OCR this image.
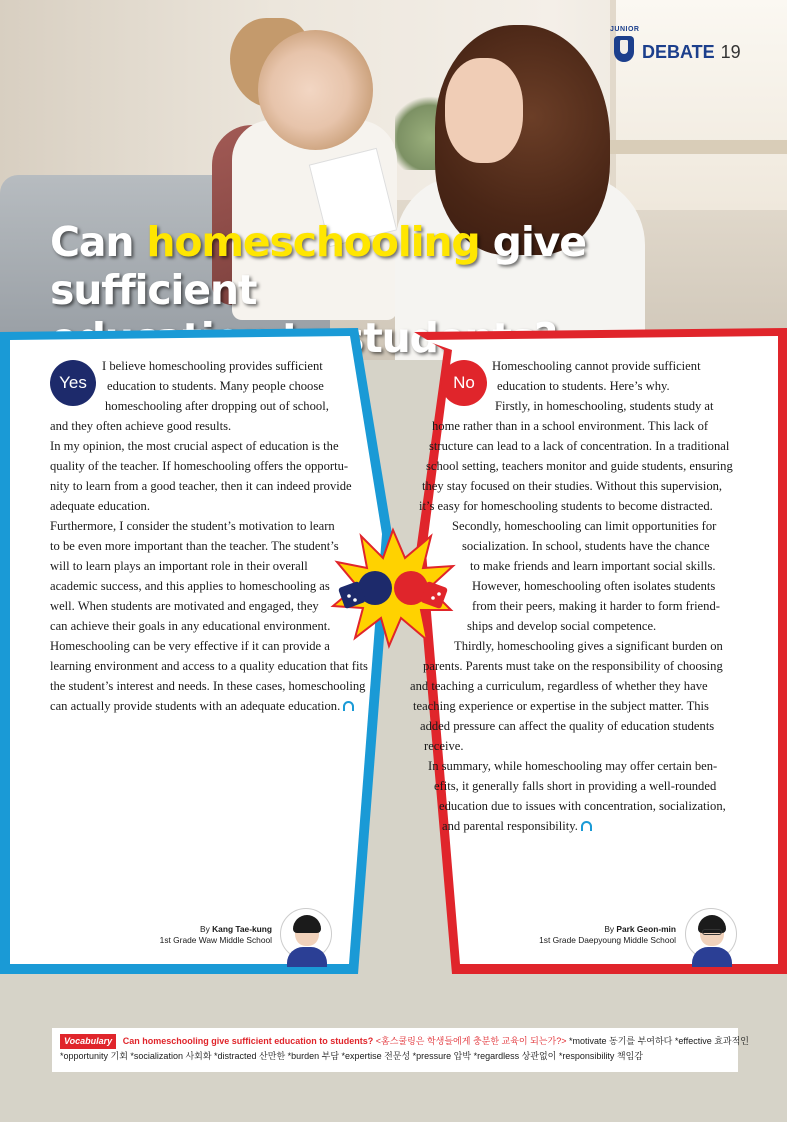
JUNIOR
DEBATE 19
Can homeschooling give sufficient

Yes
I believe homeschooling provides sufficient
education to students. Many people choose
homeschooling after dropping out of school,
and they often achieve good results.
In my opinion, the most crucial aspect of education is the
quality of the teacher. If homeschooling offers the opportu-
nity to learn from a good teacher, then it can indeed provide
adequate education.
Furthermore, I consider the student’s motivation to learn
to be even more important than the teacher. The student’s
will to learn plays an important role in their overall
academic success, and this applies to homeschooling as
well. When students are motivated and engaged, they
can achieve their goals in any educational environment.
Homeschooling can be very effective if it can provide a
learning environment and access to a quality education that fits
the student’s interest and needs. In these cases, homeschooling
can actually provide students with an adequate education.
By Kang Tae-kung
1st Grade Waw Middle School
No
Homeschooling cannot provide sufficient
education to students. Here’s why.
Firstly, in homeschooling, students study at
home rather than in a school environment. This lack of
structure can lead to a lack of concentration. In a traditional
school setting, teachers monitor and guide students, ensuring
they stay focused on their studies. Without this supervision,
it’s easy for homeschooling students to become distracted.
Secondly, homeschooling can limit opportunities for
socialization. In school, students have the chance
to make friends and learn important social skills.
However, homeschooling often isolates students
from their peers, making it harder to form friend-
ships and develop social competence.
Thirdly, homeschooling gives a significant burden on
parents. Parents must take on the responsibility of choosing
and teaching a curriculum, regardless of whether they have
teaching experience or expertise in the subject matter. This
added pressure can affect the quality of education students
receive.
In summary, while homeschooling may offer certain ben-
efits, it generally falls short in providing a well-rounded
education due to issues with concentration, socialization,
and parental responsibility.
By Park Geon-min
1st Grade Daepyoung Middle School
Vocabulary Can homeschooling give sufficient education to students? <홈스쿨링은 학생들에게 충분한 교육이 되는가?> *motivate 동기를 부여하다 *effective 효과적인
*opportunity 기회 *socialization 사회화 *distracted 산만한 *burden 부담 *expertise 전문성 *pressure 압박 *regardless 상관없이 *responsibility 책임감
